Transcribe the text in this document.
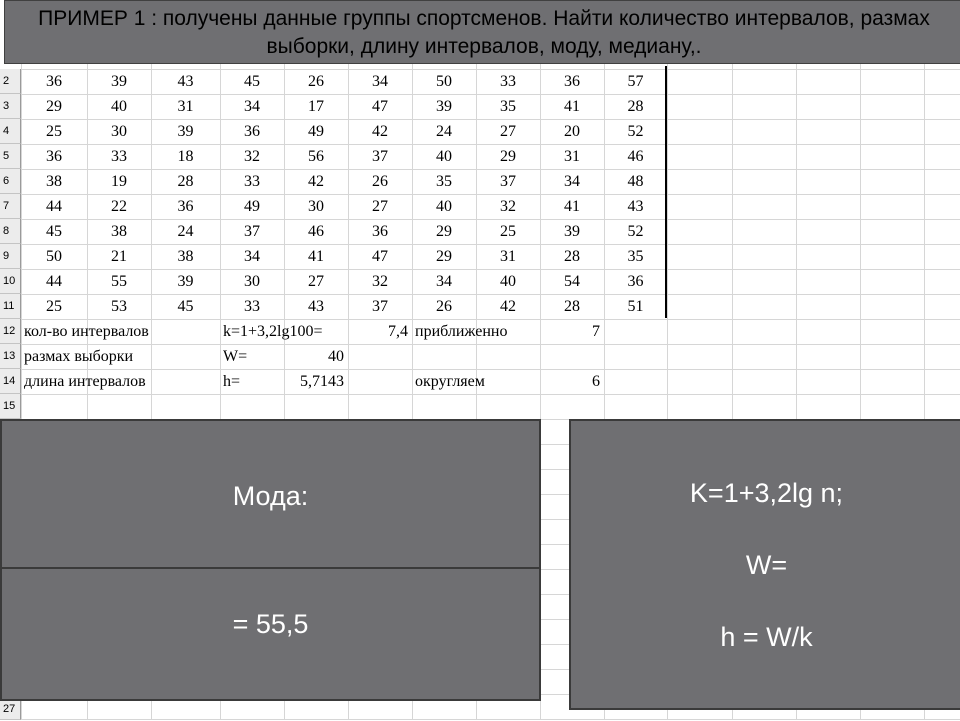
2
3
4
5
6
7
8
9
10
11
12
13
14
15
27
36	39	43	45	26	34	50	33	36	57
29	40	31	34	17	47	39	35	41	28
25	30	39	36	49	42	24	27	20	52
36	33	18	32	56	37	40	29	31	46
38	19	28	33	42	26	35	37	34	48
44	22	36	49	30	27	40	32	41	43
45	38	24	37	46	36	29	25	39	52
50	21	38	34	41	47	29	31	28	35
44	55	39	30	27	32	34	40	54	36
25	53	45	33	43	37	26	42	28	51
кол-во интервалов	k=1+3,2lg100=	7,4 приближенно	7
размах выборки	W=	40
длина интервалов	h=	5,7143	округляем	6
ПРИМЕР 1 : получены данные группы спортсменов. Найти количество интервалов, размах
выборки, длину интервалов, моду, медиану,.
Мода:
= 55,5
K=1+3,2lg n;
W=
h = W/k
